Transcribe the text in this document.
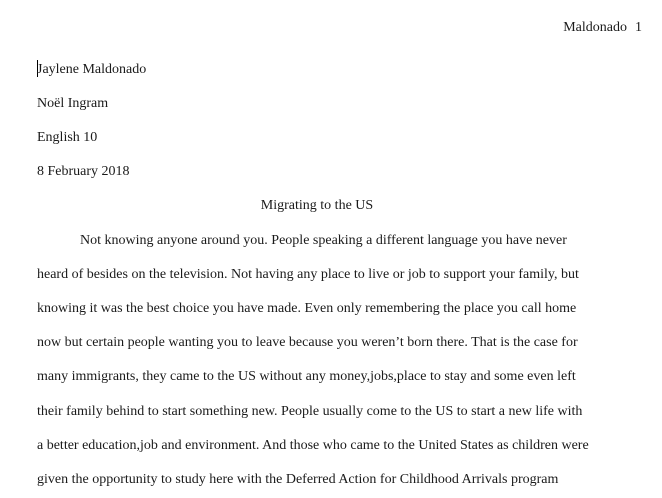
Maldonado 1
Jaylene Maldonado
Noël Ingram
English 10
8 February 2018
Migrating to the US
Not knowing anyone around you. People speaking a different language you have never
heard of besides on the television. Not having any place to live or job to support your family, but
knowing it was the best choice you have made. Even only remembering the place you call home
now but certain people wanting you to leave because you weren’t born there. That is the case for
many immigrants, they came to the US without any money,jobs,place to stay and some even left
their family behind to start something new. People usually come to the US to start a new life with
a better education,job and environment. And those who came to the United States as children were
given the opportunity to study here with the Deferred Action for Childhood Arrivals program
